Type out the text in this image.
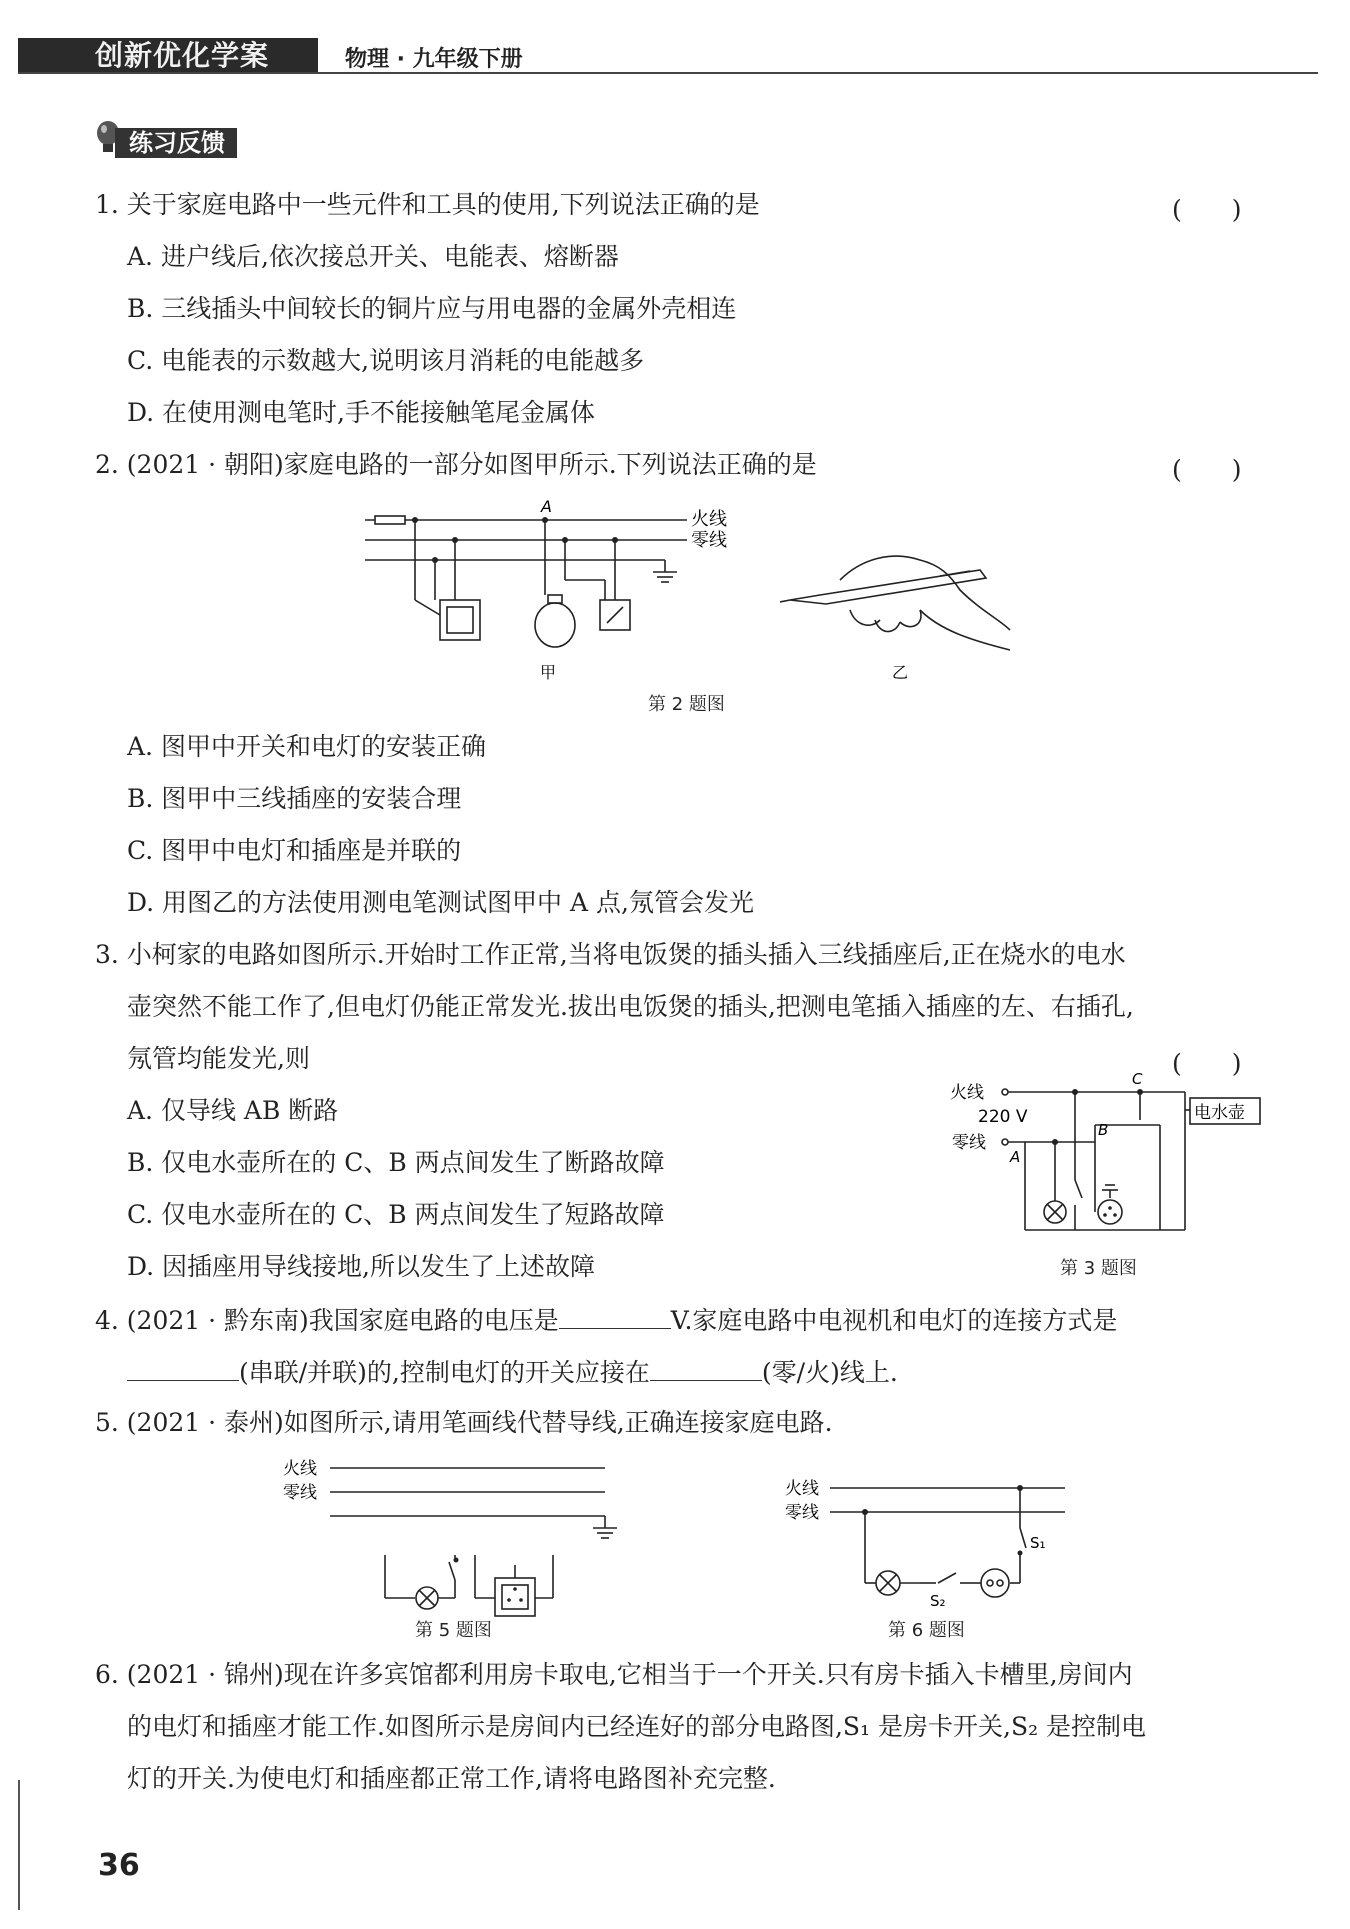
创新优化学案	物理 · 九年级下册
练习反馈
1. 关于家庭电路中一些元件和工具的使用,下列说法正确的是	(　　)
A. 进户线后,依次接总开关、电能表、熔断器
B. 三线插头中间较长的铜片应与用电器的金属外壳相连
C. 电能表的示数越大,说明该月消耗的电能越多
D. 在使用测电笔时,手不能接触笔尾金属体
2. (2021 · 朝阳)家庭电路的一部分如图甲所示.下列说法正确的是	(　　)
A
火线
零线
甲	乙
第 2 题图
A. 图甲中开关和电灯的安装正确
B. 图甲中三线插座的安装合理
C. 图甲中电灯和插座是并联的
D. 用图乙的方法使用测电笔测试图甲中 A 点,氖管会发光
3. 小柯家的电路如图所示.开始时工作正常,当将电饭煲的插头插入三线插座后,正在烧水的电水
壶突然不能工作了,但电灯仍能正常发光.拔出电饭煲的插头,把测电笔插入插座的左、右插孔,
氖管均能发光,则	(　　)
A. 仅导线 AB 断路
B. 仅电水壶所在的 C、B 两点间发生了断路故障
C. 仅电水壶所在的 C、B 两点间发生了短路故障
D. 因插座用导线接地,所以发生了上述故障
火线
220 V
零线
A
B
C
电水壶
第 3 题图
4. (2021 · 黔东南)我国家庭电路的电压是	V.家庭电路中电视机和电灯的连接方式是
(串联/并联)的,控制电灯的开关应接在	(零/火)线上.
5. (2021 · 泰州)如图所示,请用笔画线代替导线,正确连接家庭电路.
火线
零线
第 5 题图
火线
零线
S₁
S₂
第 6 题图
6. (2021 · 锦州)现在许多宾馆都利用房卡取电,它相当于一个开关.只有房卡插入卡槽里,房间内
的电灯和插座才能工作.如图所示是房间内已经连好的部分电路图,S₁ 是房卡开关,S₂ 是控制电
灯的开关.为使电灯和插座都正常工作,请将电路图补充完整.
36
